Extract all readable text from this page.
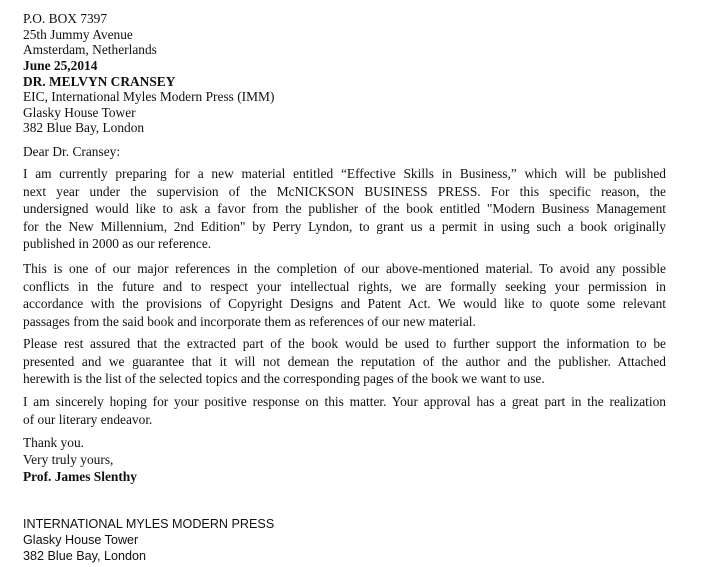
P.O. BOX 7397
25th Jummy Avenue
Amsterdam, Netherlands
June 25,2014
DR. MELVYN CRANSEY
EIC, International Myles Modern Press (IMM)
Glasky House Tower
382 Blue Bay, London
Dear Dr. Cransey:
I am currently preparing for a new material entitled “Effective Skills in Business,” which will be published
next year under the supervision of the McNICKSON BUSINESS PRESS. For this specific reason, the
undersigned would like to ask a favor from the publisher of the book entitled "Modern Business Management
for the New Millennium, 2nd Edition" by Perry Lyndon, to grant us a permit in using such a book originally
published in 2000 as our reference.
This is one of our major references in the completion of our above-mentioned material. To avoid any possible
conflicts in the future and to respect your intellectual rights, we are formally seeking your permission in
accordance with the provisions of Copyright Designs and Patent Act. We would like to quote some relevant
passages from the said book and incorporate them as references of our new material.
Please rest assured that the extracted part of the book would be used to further support the information to be
presented and we guarantee that it will not demean the reputation of the author and the publisher. Attached
herewith is the list of the selected topics and the corresponding pages of the book we want to use.
I am sincerely hoping for your positive response on this matter. Your approval has a great part in the realization
of our literary endeavor.
Thank you.
Very truly yours,
Prof. James Slenthy
INTERNATIONAL MYLES MODERN PRESS
Glasky House Tower
382 Blue Bay, London
